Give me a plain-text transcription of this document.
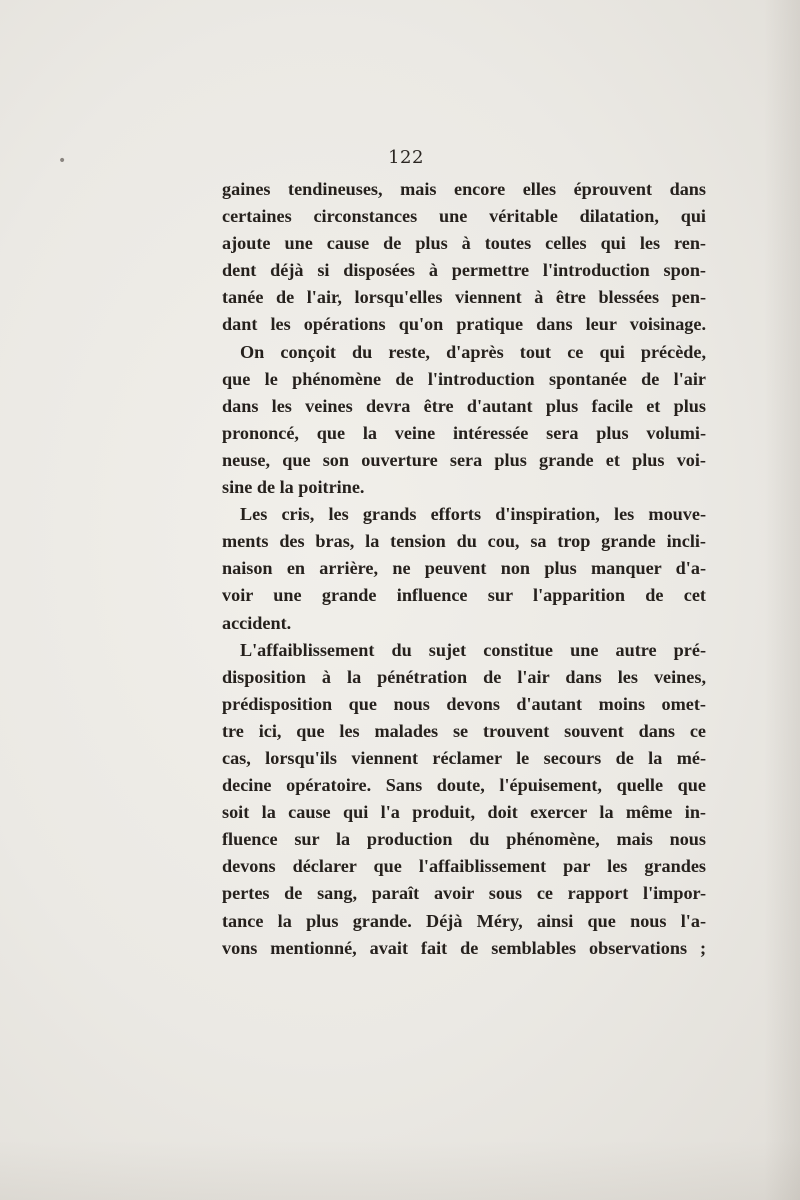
•	122
gaines tendineuses, mais encore elles éprouvent dans
certaines circonstances une véritable dilatation, qui
ajoute une cause de plus à toutes celles qui les ren-
dent déjà si disposées à permettre l'introduction spon-
tanée de l'air, lorsqu'elles viennent à être blessées pen-
dant les opérations qu'on pratique dans leur voisinage.
On conçoit du reste, d'après tout ce qui précède,
que le phénomène de l'introduction spontanée de l'air
dans les veines devra être d'autant plus facile et plus
prononcé, que la veine intéressée sera plus volumi-
neuse, que son ouverture sera plus grande et plus voi-
sine de la poitrine.
Les cris, les grands efforts d'inspiration, les mouve-
ments des bras, la tension du cou, sa trop grande incli-
naison en arrière, ne peuvent non plus manquer d'a-
voir une grande influence sur l'apparition de cet
accident.
L'affaiblissement du sujet constitue une autre pré-
disposition à la pénétration de l'air dans les veines,
prédisposition que nous devons d'autant moins omet-
tre ici, que les malades se trouvent souvent dans ce
cas, lorsqu'ils viennent réclamer le secours de la mé-
decine opératoire. Sans doute, l'épuisement, quelle que
soit la cause qui l'a produit, doit exercer la même in-
fluence sur la production du phénomène, mais nous
devons déclarer que l'affaiblissement par les grandes
pertes de sang, paraît avoir sous ce rapport l'impor-
tance la plus grande. Déjà Méry, ainsi que nous l'a-
vons mentionné, avait fait de semblables observations ;
